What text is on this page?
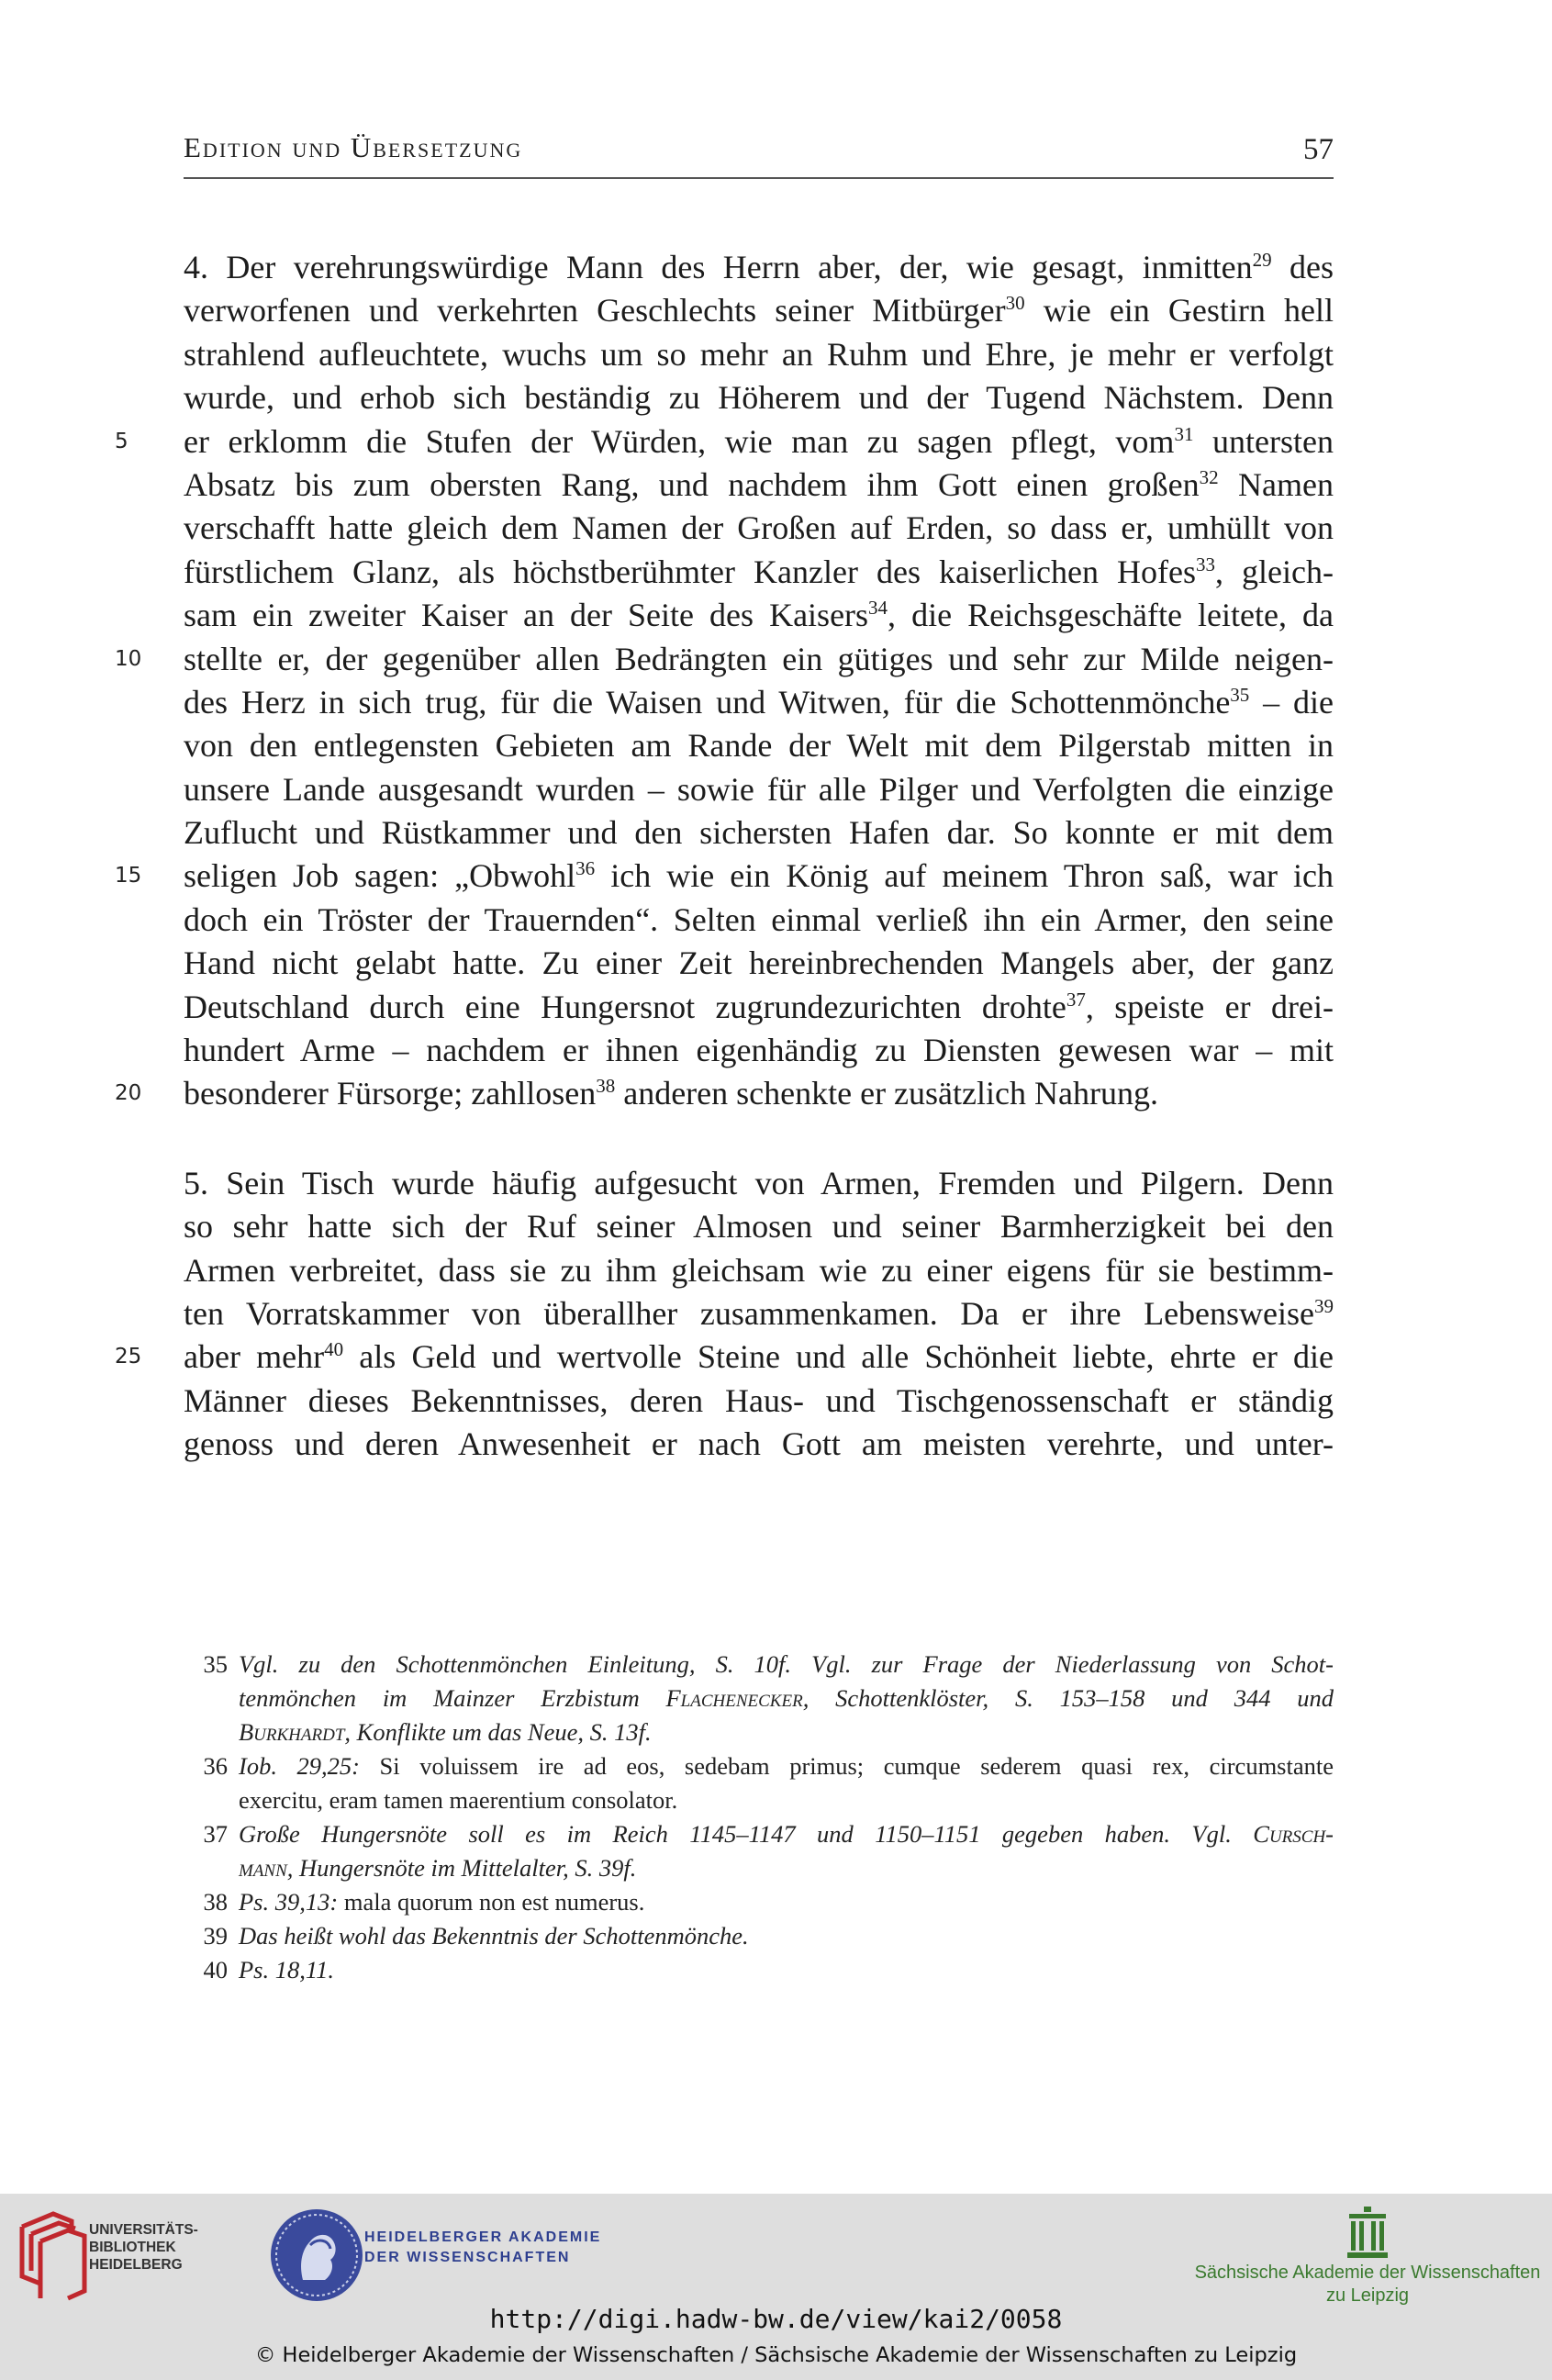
Edition und Übersetzung	57
4. Der verehrungswürdige Mann des Herrn aber, der, wie gesagt, inmitten$^{29}$ des
verworfenen und verkehrten Geschlechts seiner Mitbürger$^{30}$ wie ein Gestirn hell
strahlend aufleuchtete, wuchs um so mehr an Ruhm und Ehre, je mehr er verfolgt
wurde, und erhob sich beständig zu Höherem und der Tugend Nächstem. Denn
5	er erklomm die Stufen der Würden, wie man zu sagen pflegt, vom$^{31}$ untersten
Absatz bis zum obersten Rang, und nachdem ihm Gott einen großen$^{32}$ Namen
verschafft hatte gleich dem Namen der Großen auf Erden, so dass er, umhüllt von
fürstlichem Glanz, als höchstberühmter Kanzler des kaiserlichen Hofes$^{33}$, gleich-
sam ein zweiter Kaiser an der Seite des Kaisers$^{34}$, die Reichsgeschäfte leitete, da
10 stellte er, der gegenüber allen Bedrängten ein gütiges und sehr zur Milde neigen-
des Herz in sich trug, für die Waisen und Witwen, für die Schottenmönche$^{35}$ – die
von den entlegensten Gebieten am Rande der Welt mit dem Pilgerstab mitten in
unsere Lande ausgesandt wurden – sowie für alle Pilger und Verfolgten die einzige
Zuflucht und Rüstkammer und den sichersten Hafen dar. So konnte er mit dem
15 seligen Job sagen: „Obwohl$^{36}$ ich wie ein König auf meinem Thron saß, war ich
doch ein Tröster der Trauernden“. Selten einmal verließ ihn ein Armer, den seine
Hand nicht gelabt hatte. Zu einer Zeit hereinbrechenden Mangels aber, der ganz
Deutschland durch eine Hungersnot zugrundezurichten drohte$^{37}$, speiste er drei-
hundert Arme – nachdem er ihnen eigenhändig zu Diensten gewesen war – mit
20 besonderer Fürsorge; zahllosen$^{38}$ anderen schenkte er zusätzlich Nahrung.
5. Sein Tisch wurde häufig aufgesucht von Armen, Fremden und Pilgern. Denn
so sehr hatte sich der Ruf seiner Almosen und seiner Barmherzigkeit bei den
Armen verbreitet, dass sie zu ihm gleichsam wie zu einer eigens für sie bestimm-
ten Vorratskammer von überallher zusammenkamen. Da er ihre Lebensweise$^{39}$
25 aber mehr$^{40}$ als Geld und wertvolle Steine und alle Schönheit liebte, ehrte er die
Männer dieses Bekenntnisses, deren Haus- und Tischgenossenschaft er ständig
genoss und deren Anwesenheit er nach Gott am meisten verehrte, und unter-
35 Vgl. zu den Schottenmönchen Einleitung, S. 10f. Vgl. zur Frage der Niederlassung von Schot-
tenmönchen im Mainzer Erzbistum Flachenecker, Schottenklöster, S. 153–158 und 344 und
Burkhardt, Konflikte um das Neue, S. 13f.
36 Iob. 29,25: Si voluissem ire ad eos, sedebam primus; cumque sederem quasi rex, circumstante
exercitu, eram tamen maerentium consolator.
37 Große Hungersnöte soll es im Reich 1145–1147 und 1150–1151 gegeben haben. Vgl. Cursch-
mann, Hungersnöte im Mittelalter, S. 39f.
38 Ps. 39,13: mala quorum non est numerus.
39 Das heißt wohl das Bekenntnis der Schottenmönche.
40 Ps. 18,11.
UNIVERSITÄTS-
BIBLIOTHEK
HEIDELBERG
HEIDELBERGER AKADEMIE
DER WISSENSCHAFTEN
Sächsische Akademie der Wissenschaften
zu Leipzig
http://digi.hadw-bw.de/view/kai2/0058
© Heidelberger Akademie der Wissenschaften / Sächsische Akademie der Wissenschaften zu Leipzig
